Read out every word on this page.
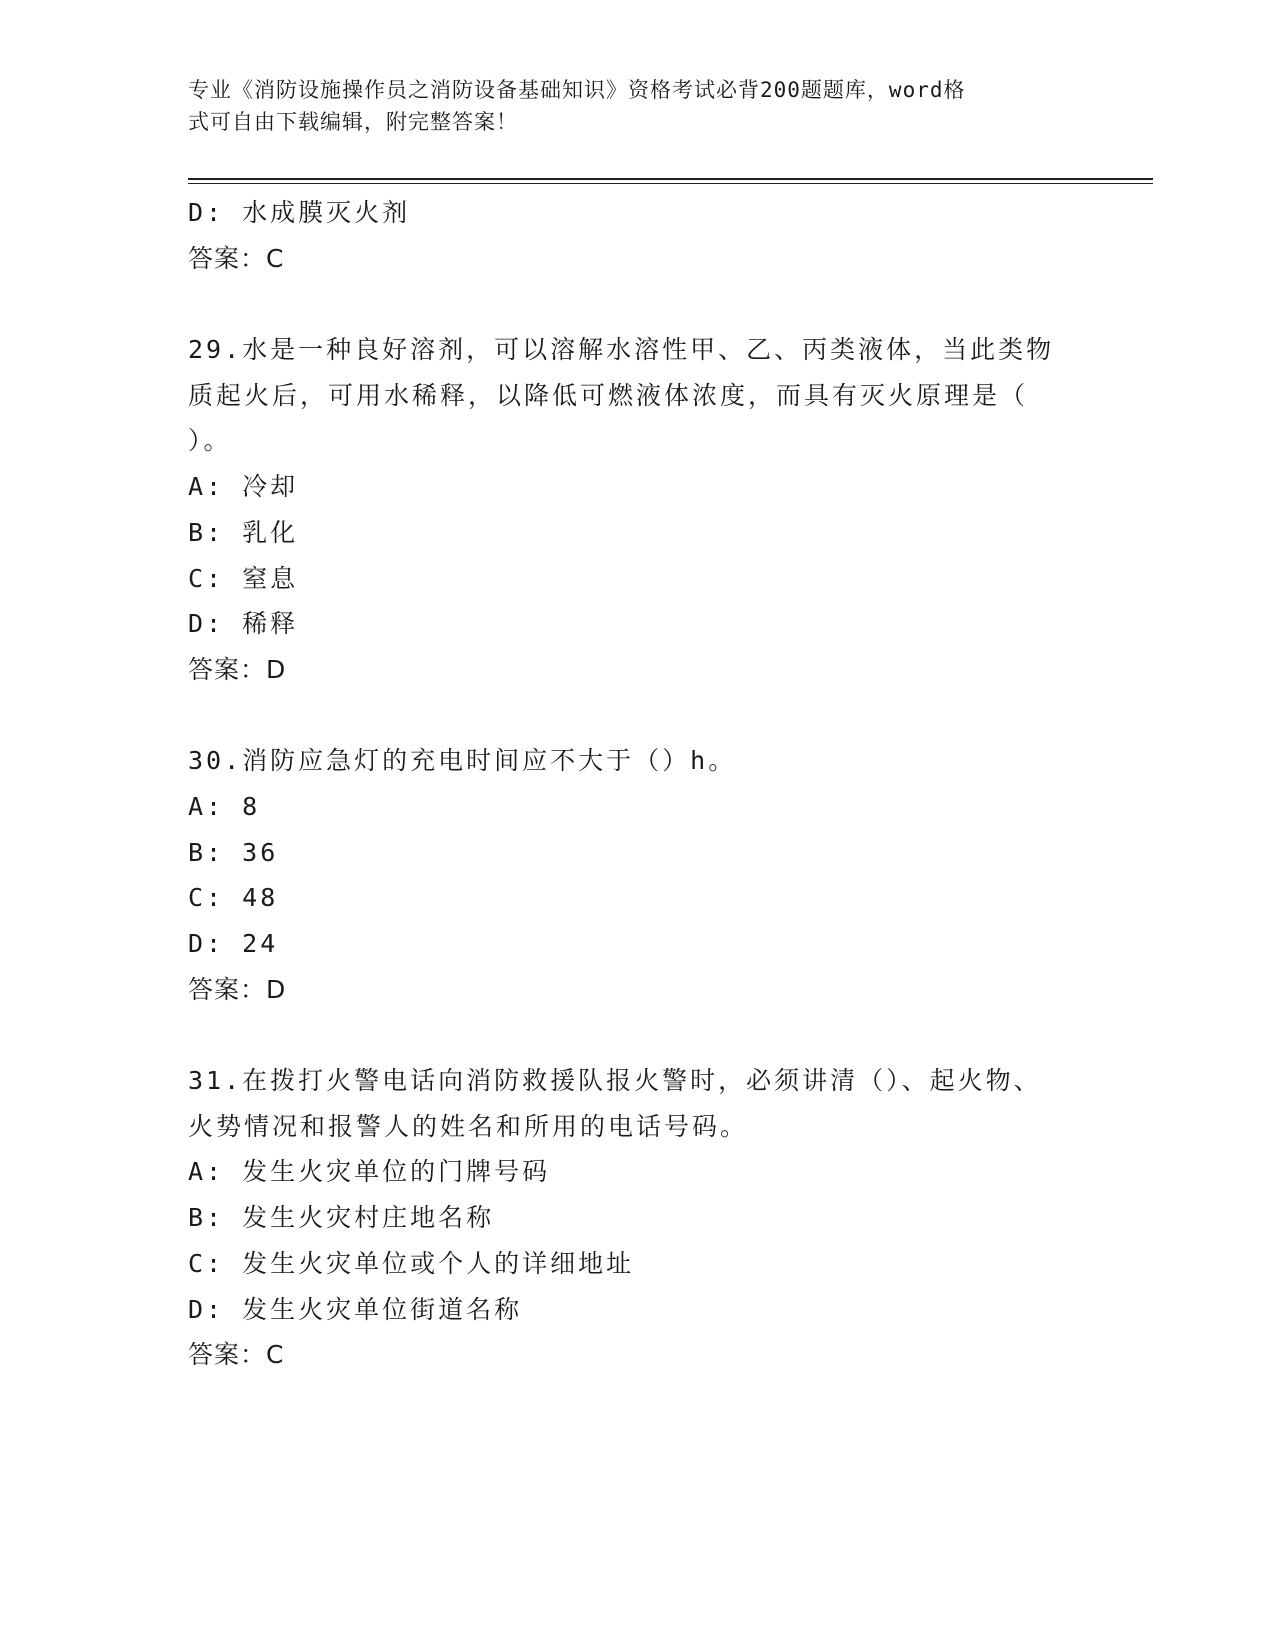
专业《消防设施操作员之消防设备基础知识》资格考试必背200题题库，word格
式可自由下载编辑，附完整答案！
D: 水成膜灭火剂
答案：C
29.水是一种良好溶剂，可以溶解水溶性甲、乙、丙类液体，当此类物
质起火后，可用水稀释，以降低可燃液体浓度，而具有灭火原理是（
）。
A: 冷却
B: 乳化
C: 窒息
D: 稀释
答案：D
30.消防应急灯的充电时间应不大于（）h。
A: 8
B: 36
C: 48
D: 24
答案：D
31.在拨打火警电话向消防救援队报火警时，必须讲清（）、起火物、
火势情况和报警人的姓名和所用的电话号码。
A: 发生火灾单位的门牌号码
B: 发生火灾村庄地名称
C: 发生火灾单位或个人的详细地址
D: 发生火灾单位街道名称
答案：C
